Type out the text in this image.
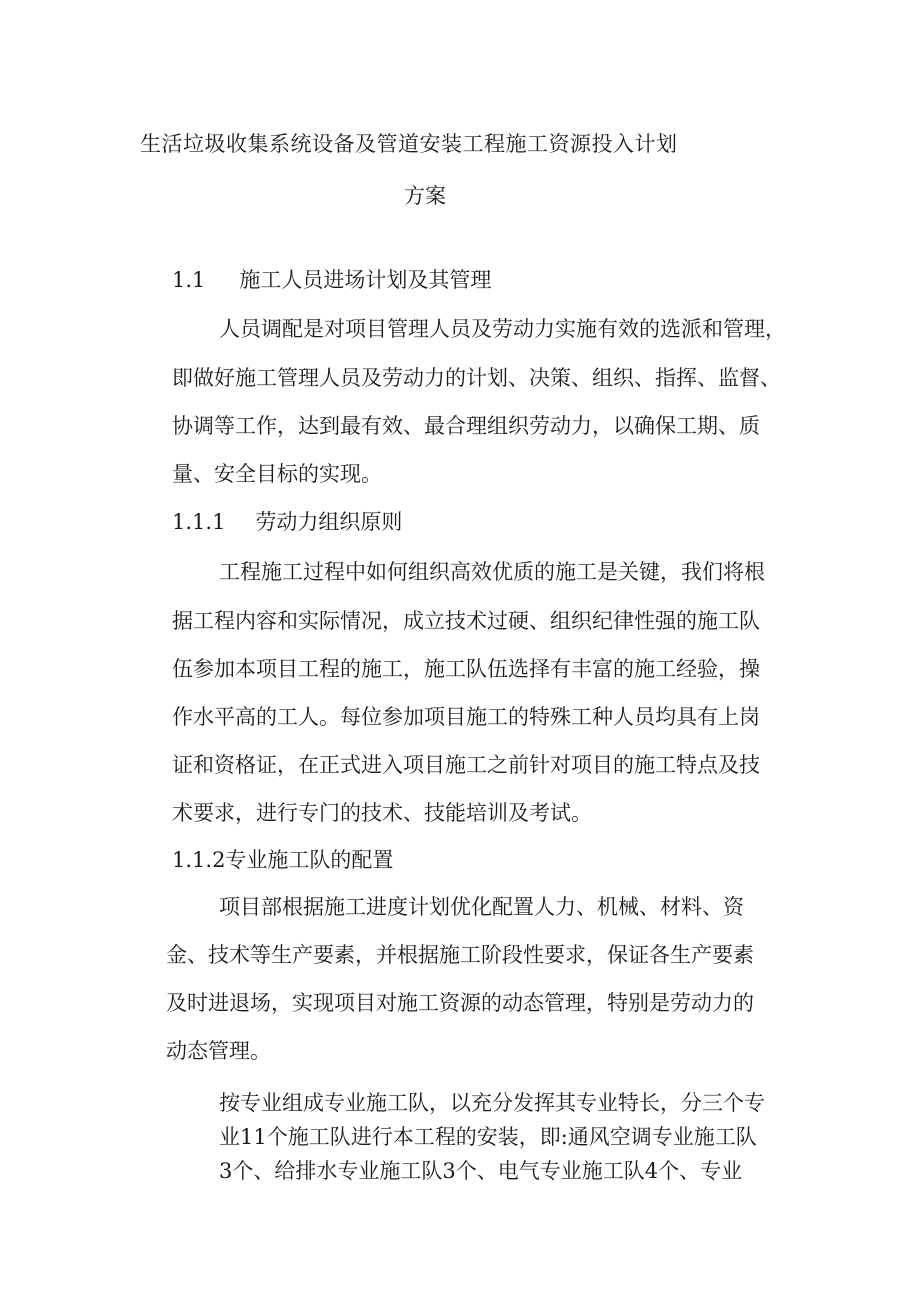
生活垃圾收集系统设备及管道安装工程施工资源投入计划
方案
1.1 施工人员进场计划及其管理
人员调配是对项目管理人员及劳动力实施有效的选派和管理，
即做好施工管理人员及劳动力的计划、决策、组织、指挥、监督、
协调等工作，达到最有效、最合理组织劳动力，以确保工期、质
量、安全目标的实现。
1.1.1 劳动力组织原则
工程施工过程中如何组织高效优质的施工是关键，我们将根
据工程内容和实际情况，成立技术过硬、组织纪律性强的施工队
伍参加本项目工程的施工，施工队伍选择有丰富的施工经验，操
作水平高的工人。每位参加项目施工的特殊工种人员均具有上岗
证和资格证，在正式进入项目施工之前针对项目的施工特点及技
术要求，进行专门的技术、技能培训及考试。
1.1.2专业施工队的配置
项目部根据施工进度计划优化配置人力、机械、材料、资
金、技术等生产要素，并根据施工阶段性要求，保证各生产要素
及时进退场，实现项目对施工资源的动态管理，特别是劳动力的
动态管理。
按专业组成专业施工队，以充分发挥其专业特长，分三个专
业11个施工队进行本工程的安装，即:通风空调专业施工队
3个、给排水专业施工队3个、电气专业施工队4个、专业
